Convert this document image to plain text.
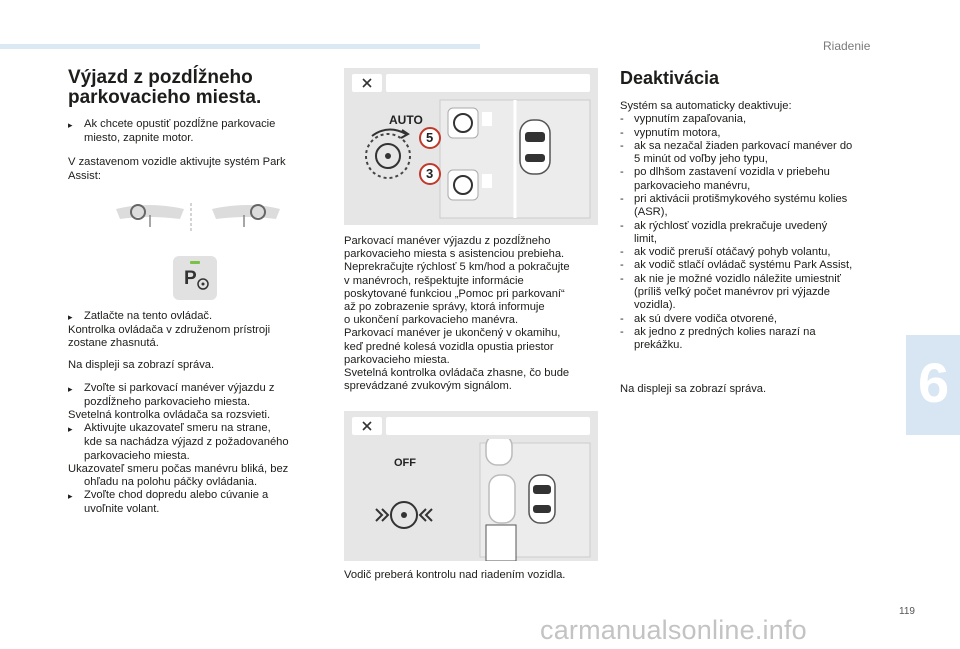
Riadenie
6
119
carmanualsonline.info
Výjazd z pozdĺžneho
parkovacieho miesta.
▸	Ak chcete opustiť pozdĺžne parkovacie
miesto, zapnite motor.
V zastavenom vozidle aktivujte systém Park
Assist:
P
▸	Zatlačte na tento ovládač.
Kontrolka ovládača v združenom prístroji
zostane zhasnutá.
Na displeji sa zobrazí správa.
▸	Zvoľte si parkovací manéver výjazdu z
pozdĺžneho parkovacieho miesta.
Svetelná kontrolka ovládača sa rozsvieti.
▸	Aktivujte ukazovateľ smeru na strane,
kde sa nachádza výjazd z požadovaného
parkovacieho miesta.
Ukazovateľ smeru počas manévru bliká, bez
ohľadu na polohu páčky ovládania.
▸	Zvoľte chod dopredu alebo cúvanie a
uvoľnite volant.
AUTO
5
3
Parkovací manéver výjazdu z pozdĺžneho
parkovacieho miesta s asistenciou prebieha.
Neprekračujte rýchlosť 5 km/hod a pokračujte
v manévroch, rešpektujte informácie
poskytované funkciou „Pomoc pri parkovaní“
až po zobrazenie správy, ktorá informuje
o ukončení parkovacieho manévra.
Parkovací manéver je ukončený v okamihu,
keď predné kolesá vozidla opustia priestor
parkovacieho miesta.
Svetelná kontrolka ovládača zhasne, čo bude
sprevádzané zvukovým signálom.
OFF
Vodič preberá kontrolu nad riadením vozidla.
Deaktivácia
Systém sa automaticky deaktivuje:
- vypnutím zapaľovania,
- vypnutím motora,
- ak sa nezačal žiaden parkovací manéver do
5 minút od voľby jeho typu,
- po dlhšom zastavení vozidla v priebehu
parkovacieho manévru,
- pri aktivácii protišmykového systému kolies
(ASR),
- ak rýchlosť vozidla prekračuje uvedený
limit,
- ak vodič preruší otáčavý pohyb volantu,
- ak vodič stlačí ovládač systému Park Assist,
- ak nie je možné vozidlo náležite umiestniť
(príliš veľký počet manévrov pri výjazde
vozidla).
- ak sú dvere vodiča otvorené,
- ak jedno z predných kolies narazí na
prekážku.
Na displeji sa zobrazí správa.
